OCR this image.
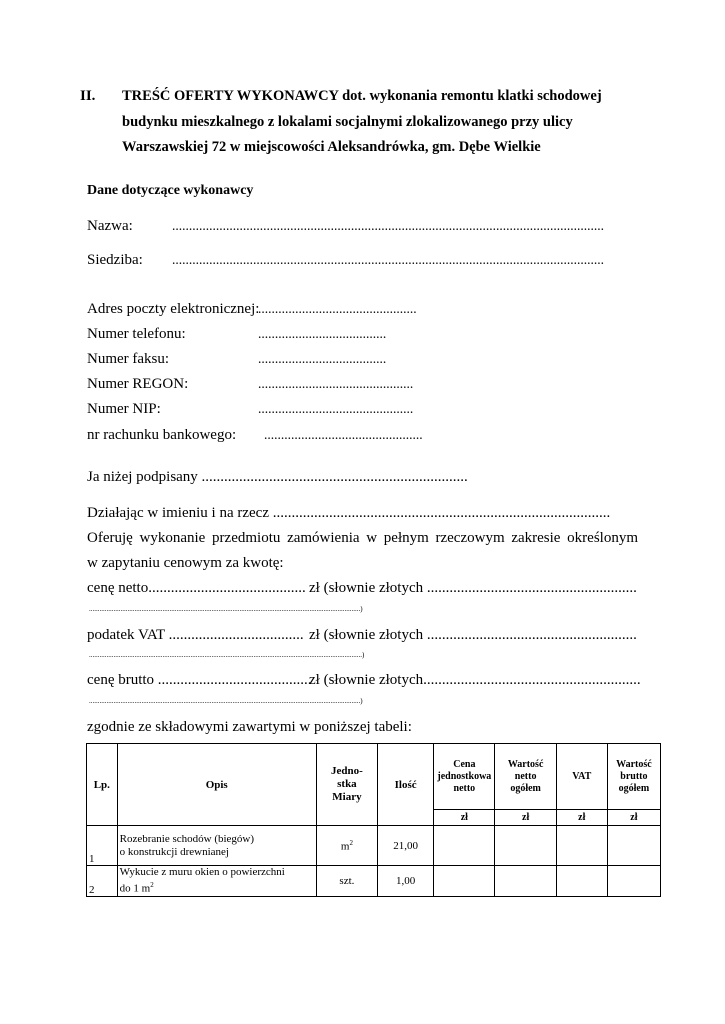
II. TREŚĆ OFERTY WYKONAWCY dot. wykonania remontu klatki schodowej
budynku mieszkalnego z lokalami socjalnymi zlokalizowanego przy ulicy
Warszawskiej 72 w miejscowości Aleksandrówka, gm. Dębe Wielkie
Dane dotyczące wykonawcy
Nazwa:	................................................................................................................................
Siedziba: ................................................................................................................................
Adres poczty elektronicznej:
...............................................
Numer telefonu:	......................................
Numer faksu:	......................................
Numer REGON:	..............................................
Numer NIP:	..............................................
nr rachunku bankowego: ...............................................
Ja niżej podpisany .......................................................................
Działając w imieniu i na rzecz ..........................................................................................
Oferuję wykonanie przedmiotu zamówienia w pełnym rzeczowym zakresie określonym
w zapytaniu cenowym za kwotę:
cenę netto.......................................... zł (słownie złotych ........................................................
...........................................................................................................................................................)
podatek VAT .................................... zł (słownie złotych ........................................................
............................................................................................................................................................)
cenę brutto .........................................
zł (słownie złotych..........................................................
...........................................................................................................................................................)
zgodnie ze składowymi zawartymi w poniższej tabeli:
Lp.	Opis	Jedno-
stka
Miary	Ilość	Cena
jednostkowa
netto	Wartość
netto
ogółem	VAT	Wartość
brutto
ogółem
				zł	zł	zł	zł
1	Rozebranie schodów (biegów)
o konstrukcji drewnianej	$m^2$	21,00				
2	Wykucie z muru okien o powierzchni
do 1 $m^2$	szt.	1,00				
